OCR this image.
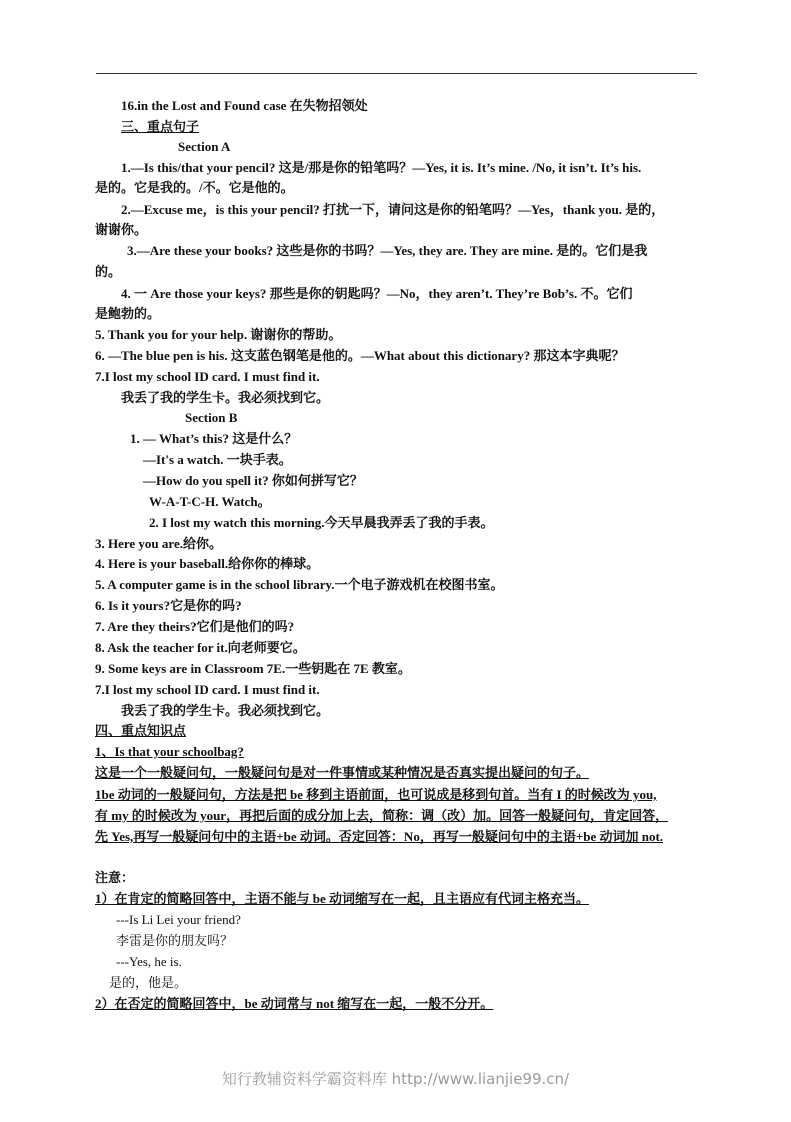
16.in the Lost and Found case 在失物招领处
三、重点句子
Section A
1.—Is this/that your pencil? 这是/那是你的铅笔吗？—Yes, it is. It’s mine. /No, it isn’t. It’s his.
是的。它是我的。/不。它是他的。
2.—Excuse me，is this your pencil? 打扰一下，请问这是你的铅笔吗？—Yes，thank you. 是的，
谢谢你。
3.—Are these your books? 这些是你的书吗？—Yes, they are. They are mine. 是的。它们是我
的。
4. 一 Are those your keys? 那些是你的钥匙吗？—No，they aren’t. They’re Bob’s. 不。它们
是鲍勃的。
5. Thank you for your help. 谢谢你的帮助。
6. —The blue pen is his. 这支蓝色钢笔是他的。—What about this dictionary? 那这本字典呢？
7.I lost my school ID card. I must find it.
我丢了我的学生卡。我必须找到它。
Section B
1. — What’s this? 这是什么？
—It's a watch. 一块手表。
—How do you spell it? 你如何拼写它？
W-A-T-C-H. Watch。
2. I lost my watch this morning.今天早晨我弄丢了我的手表。
3. Here you are.给你。
4. Here is your baseball.给你你的棒球。
5. A computer game is in the school library.一个电子游戏机在校图书室。
6. Is it yours?它是你的吗?
7. Are they theirs?它们是他们的吗?
8. Ask the teacher for it.向老师要它。
9. Some keys are in Classroom 7E.一些钥匙在 7E 教室。
7.I lost my school ID card. I must find it.
我丢了我的学生卡。我必须找到它。
四、重点知识点
1、Is that your schoolbag?
这是一个一般疑问句，一般疑问句是对一件事情或某种情况是否真实提出疑问的句子。
1be 动词的一般疑问句，方法是把 be 移到主语前面，也可说成是移到句首。当有 I 的时候改为 you,
有 my 的时候改为 your，再把后面的成分加上去，简称：调（改）加。回答一般疑问句，肯定回答，
先 Yes,再写一般疑问句中的主语+be 动词。否定回答：No，再写一般疑问句中的主语+be 动词加 not.
注意：
1）在肯定的简略回答中，主语不能与 be 动词缩写在一起，且主语应有代词主格充当。
---Is Li Lei your friend?
李雷是你的朋友吗？
---Yes, he is.
是的，他是。
2）在否定的简略回答中，be 动词常与 not 缩写在一起，一般不分开。
知行教辅资料学霸资料库 http://www.lianjie99.cn/
